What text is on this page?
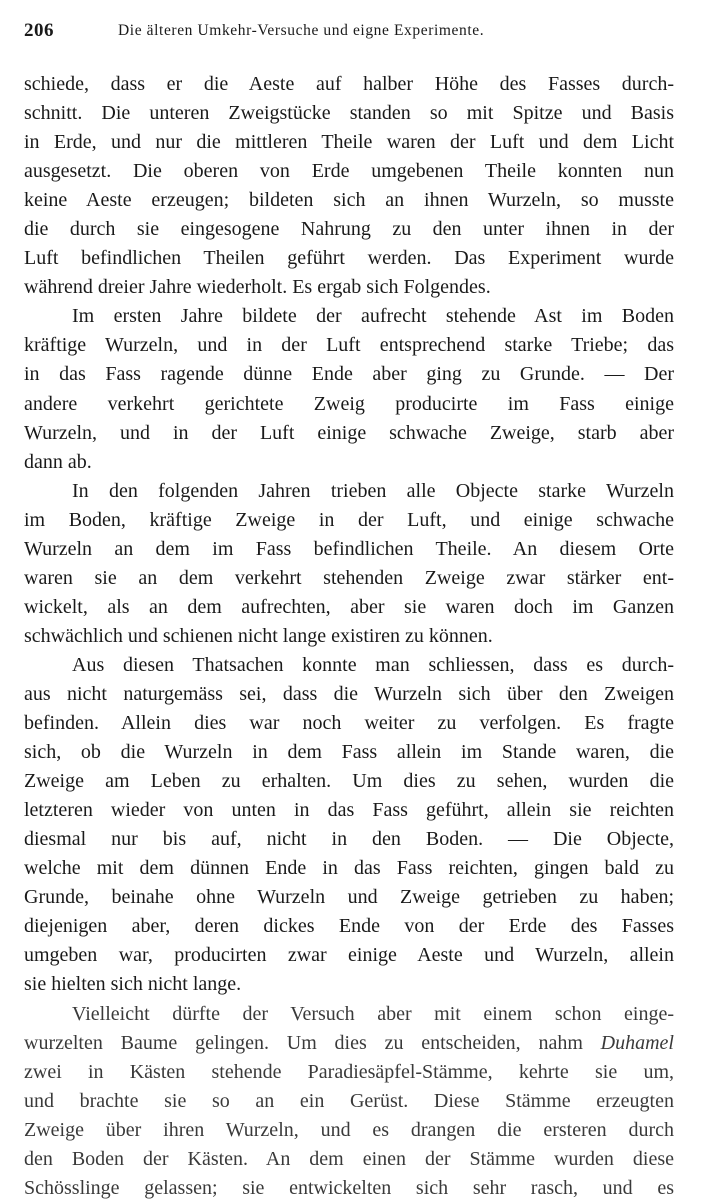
206	Die älteren Umkehr-Versuche und eigne Experimente.

schiede, dass er die Aeste auf halber Höhe des Fasses durch-
schnitt. Die unteren Zweigstücke standen so mit Spitze und Basis
in Erde, und nur die mittleren Theile waren der Luft und dem Licht
ausgesetzt. Die oberen von Erde umgebenen Theile konnten nun
keine Aeste erzeugen; bildeten sich an ihnen Wurzeln, so musste
die durch sie eingesogene Nahrung zu den unter ihnen in der
Luft befindlichen Theilen geführt werden. Das Experiment wurde
während dreier Jahre wiederholt. Es ergab sich Folgendes.

Im ersten Jahre bildete der aufrecht stehende Ast im Boden
kräftige Wurzeln, und in der Luft entsprechend starke Triebe; das
in das Fass ragende dünne Ende aber ging zu Grunde. — Der
andere verkehrt gerichtete Zweig producirte im Fass einige
Wurzeln, und in der Luft einige schwache Zweige, starb aber
dann ab.

In den folgenden Jahren trieben alle Objecte starke Wurzeln
im Boden, kräftige Zweige in der Luft, und einige schwache
Wurzeln an dem im Fass befindlichen Theile. An diesem Orte
waren sie an dem verkehrt stehenden Zweige zwar stärker ent-
wickelt, als an dem aufrechten, aber sie waren doch im Ganzen
schwächlich und schienen nicht lange existiren zu können.

Aus diesen Thatsachen konnte man schliessen, dass es durch-
aus nicht naturgemäss sei, dass die Wurzeln sich über den Zweigen
befinden. Allein dies war noch weiter zu verfolgen. Es fragte
sich, ob die Wurzeln in dem Fass allein im Stande waren, die
Zweige am Leben zu erhalten. Um dies zu sehen, wurden die
letzteren wieder von unten in das Fass geführt, allein sie reichten
diesmal nur bis auf, nicht in den Boden. — Die Objecte,
welche mit dem dünnen Ende in das Fass reichten, gingen bald zu
Grunde, beinahe ohne Wurzeln und Zweige getrieben zu haben;
diejenigen aber, deren dickes Ende von der Erde des Fasses
umgeben war, producirten zwar einige Aeste und Wurzeln, allein
sie hielten sich nicht lange.

Vielleicht dürfte der Versuch aber mit einem schon einge-
wurzelten Baume gelingen. Um dies zu entscheiden, nahm Duhamel
zwei in Kästen stehende Paradiesäpfel-Stämme, kehrte sie um,
und brachte sie so an ein Gerüst. Diese Stämme erzeugten
Zweige über ihren Wurzeln, und es drangen die ersteren durch
den Boden der Kästen. An dem einen der Stämme wurden diese
Schösslinge gelassen; sie entwickelten sich sehr rasch, und es
